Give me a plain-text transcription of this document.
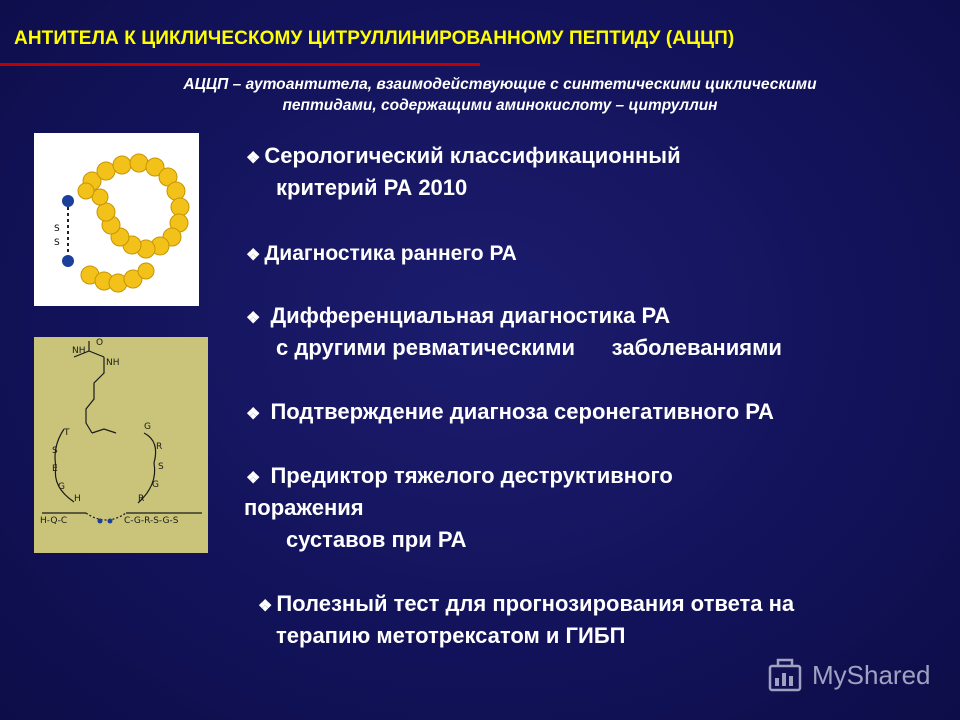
АНТИТЕЛА К ЦИКЛИЧЕСКОМУ ЦИТРУЛЛИНИРОВАННОМУ ПЕПТИДУ (АЦЦП)
АЦЦП – аутоантитела, взаимодействующие с синтетическими циклическими
пептидами, содержащими аминокислоту – цитруллин
S
S
NH
O
NH
T
S
E
G
H
G
R
S
G
R
H-Q-C	C-G-R-S-G-S
❖ Серологический классификационный
критерий РА 2010
❖ Диагностика раннего РА
❖ Дифференциальная диагностика РА
с другими ревматическими      заболеваниями
❖ Подтверждение диагноза серонегативного РА
❖ Предиктор тяжелого деструктивного
поражения
суставов при РА
❖ Полезный тест для прогнозирования ответа на
терапию метотрексатом и ГИБП
MyShared
